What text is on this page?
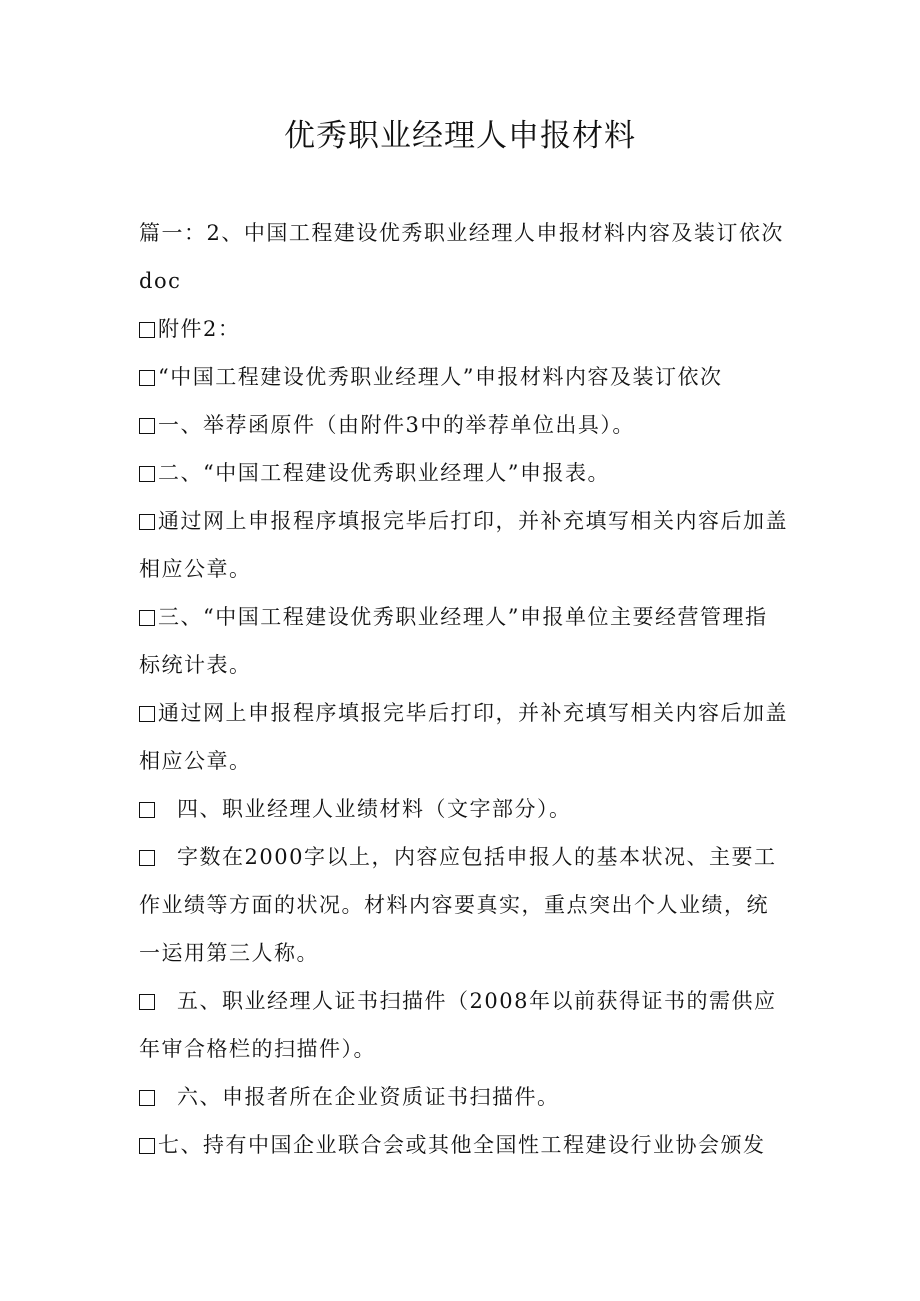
优秀职业经理人申报材料

篇一：2、中国工程建设优秀职业经理人申报材料内容及装订依次doc

附件2：

“中国工程建设优秀职业经理人”申报材料内容及装订依次

一、举荐函原件（由附件3中的举荐单位出具）。

二、“中国工程建设优秀职业经理人”申报表。

通过网上申报程序填报完毕后打印，并补充填写相关内容后加盖相应公章。

三、“中国工程建设优秀职业经理人”申报单位主要经营管理指标统计表。

通过网上申报程序填报完毕后打印，并补充填写相关内容后加盖相应公章。

四、职业经理人业绩材料（文字部分）。

字数在2000字以上，内容应包括申报人的基本状况、主要工作业绩等方面的状况。材料内容要真实，重点突出个人业绩，统一运用第三人称。

五、职业经理人证书扫描件（2008年以前获得证书的需供应年审合格栏的扫描件）。

六、申报者所在企业资质证书扫描件。

七、持有中国企业联合会或其他全国性工程建设行业协会颁发
